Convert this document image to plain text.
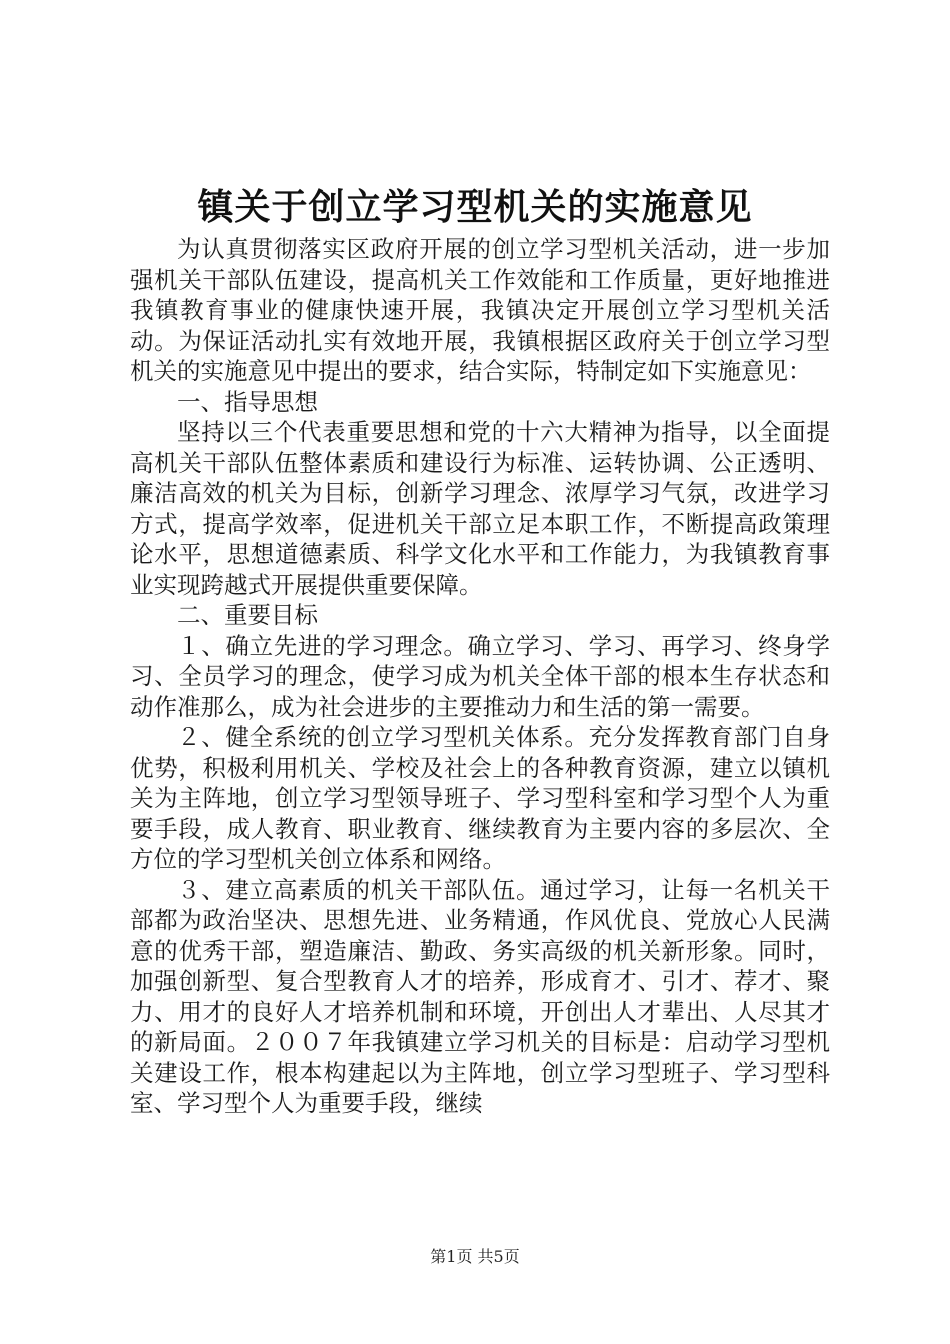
镇关于创立学习型机关的实施意见

为认真贯彻落实区政府开展的创立学习型机关活动，进一步加强机关干部队伍建设，提高机关工作效能和工作质量，更好地推进我镇教育事业的健康快速开展，我镇决定开展创立学习型机关活动。为保证活动扎实有效地开展，我镇根据区政府关于创立学习型机关的实施意见中提出的要求，结合实际，特制定如下实施意见：

一、指导思想

坚持以三个代表重要思想和党的十六大精神为指导，以全面提高机关干部队伍整体素质和建设行为标准、运转协调、公正透明、廉洁高效的机关为目标，创新学习理念、浓厚学习气氛，改进学习方式，提高学效率，促进机关干部立足本职工作，不断提高政策理论水平，思想道德素质、科学文化水平和工作能力，为我镇教育事业实现跨越式开展提供重要保障。

二、重要目标

１、确立先进的学习理念。确立学习、学习、再学习、终身学习、全员学习的理念，使学习成为机关全体干部的根本生存状态和动作准那么，成为社会进步的主要推动力和生活的第一需要。

２、健全系统的创立学习型机关体系。充分发挥教育部门自身优势，积极利用机关、学校及社会上的各种教育资源，建立以镇机关为主阵地，创立学习型领导班子、学习型科室和学习型个人为重要手段，成人教育、职业教育、继续教育为主要内容的多层次、全方位的学习型机关创立体系和网络。

３、建立高素质的机关干部队伍。通过学习，让每一名机关干部都为政治坚决、思想先进、业务精通，作风优良、党放心人民满意的优秀干部，塑造廉洁、勤政、务实高级的机关新形象。同时，加强创新型、复合型教育人才的培养，形成育才、引才、荐才、聚力、用才的良好人才培养机制和环境，开创出人才辈出、人尽其才的新局面。２００７年我镇建立学习机关的目标是：启动学习型机关建设工作，根本构建起以为主阵地，创立学习型班子、学习型科室、学习型个人为重要手段，继续

第1页 共5页
